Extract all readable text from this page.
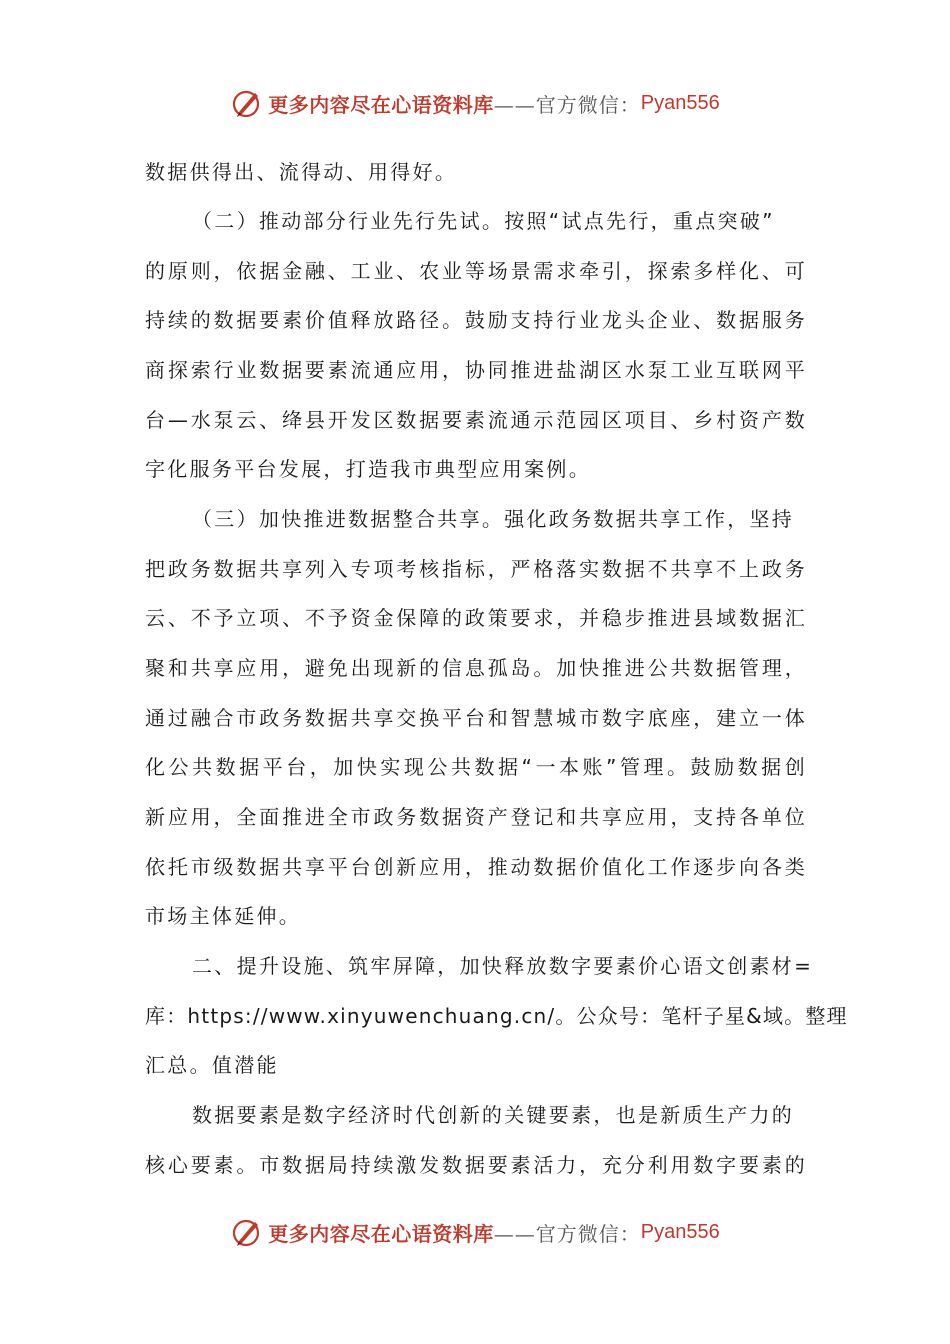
更多内容尽在心语资料库 ——官方微信： Pyan556
数据供得出、流得动、用得好。
（二）推动部分行业先行先试。按照“试点先行，重点突破”
的原则，依据金融、工业、农业等场景需求牵引，探索多样化、可
持续的数据要素价值释放路径。鼓励支持行业龙头企业、数据服务
商探索行业数据要素流通应用，协同推进盐湖区水泵工业互联网平
台—水泵云、绛县开发区数据要素流通示范园区项目、乡村资产数
字化服务平台发展，打造我市典型应用案例。
（三）加快推进数据整合共享。强化政务数据共享工作，坚持
把政务数据共享列入专项考核指标，严格落实数据不共享不上政务
云、不予立项、不予资金保障的政策要求，并稳步推进县域数据汇
聚和共享应用，避免出现新的信息孤岛。加快推进公共数据管理，
通过融合市政务数据共享交换平台和智慧城市数字底座，建立一体
化公共数据平台，加快实现公共数据“一本账”管理。鼓励数据创
新应用，全面推进全市政务数据资产登记和共享应用，支持各单位
依托市级数据共享平台创新应用，推动数据价值化工作逐步向各类
市场主体延伸。
二、提升设施、筑牢屏障，加快释放数字要素价心语文创素材=
库：https://www.xinyuwenchuang.cn/。公众号：笔杆子星&域。整理
汇总。值潜能
数据要素是数字经济时代创新的关键要素，也是新质生产力的
核心要素。市数据局持续激发数据要素活力，充分利用数字要素的
更多内容尽在心语资料库 ——官方微信： Pyan556
